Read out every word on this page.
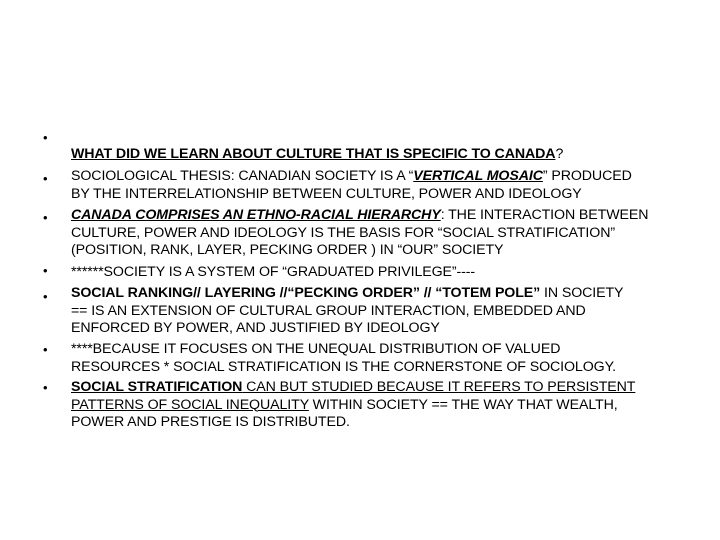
•
WHAT DID WE LEARN ABOUT CULTURE THAT IS SPECIFIC TO CANADA?
• SOCIOLOGICAL THESIS: CANADIAN SOCIETY IS A “VERTICAL MOSAIC” PRODUCED
BY THE INTERRELATIONSHIP BETWEEN CULTURE, POWER AND IDEOLOGY
• CANADA COMPRISES AN ETHNO-RACIAL HIERARCHY: THE INTERACTION BETWEEN
CULTURE, POWER AND IDEOLOGY IS THE BASIS FOR “SOCIAL STRATIFICATION”
(POSITION, RANK, LAYER, PECKING ORDER ) IN “OUR” SOCIETY
• ******SOCIETY IS A SYSTEM OF “GRADUATED PRIVILEGE”----
• SOCIAL RANKING// LAYERING //“PECKING ORDER” // “TOTEM POLE” IN SOCIETY
== IS AN EXTENSION OF CULTURAL GROUP INTERACTION, EMBEDDED AND
ENFORCED BY POWER, AND JUSTIFIED BY IDEOLOGY
• ****BECAUSE IT FOCUSES ON THE UNEQUAL DISTRIBUTION OF VALUED
RESOURCES * SOCIAL STRATIFICATION IS THE CORNERSTONE OF SOCIOLOGY.
• SOCIAL STRATIFICATION CAN BUT STUDIED BECAUSE IT REFERS TO PERSISTENT
PATTERNS OF SOCIAL INEQUALITY WITHIN SOCIETY == THE WAY THAT WEALTH,
POWER AND PRESTIGE IS DISTRIBUTED.
